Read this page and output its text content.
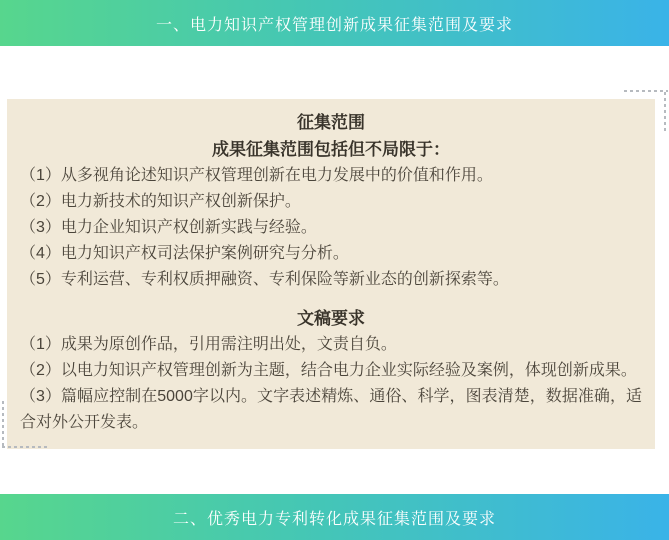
一、电力知识产权管理创新成果征集范围及要求
征集范围
成果征集范围包括但不局限于：

（1）从多视角论述知识产权管理创新在电力发展中的价值和作用。

（2）电力新技术的知识产权创新保护。

（3）电力企业知识产权创新实践与经验。

（4）电力知识产权司法保护案例研究与分析。

（5）专利运营、专利权质押融资、专利保险等新业态的创新探索等。

文稿要求

（1）成果为原创作品，引用需注明出处，文责自负。

（2）以电力知识产权管理创新为主题，结合电力企业实际经验及案例，体现创新成果。

（3）篇幅应控制在5000字以内。文字表述精炼、通俗、科学，图表清楚，数据准确，适合对外公开发表。

二、优秀电力专利转化成果征集范围及要求
